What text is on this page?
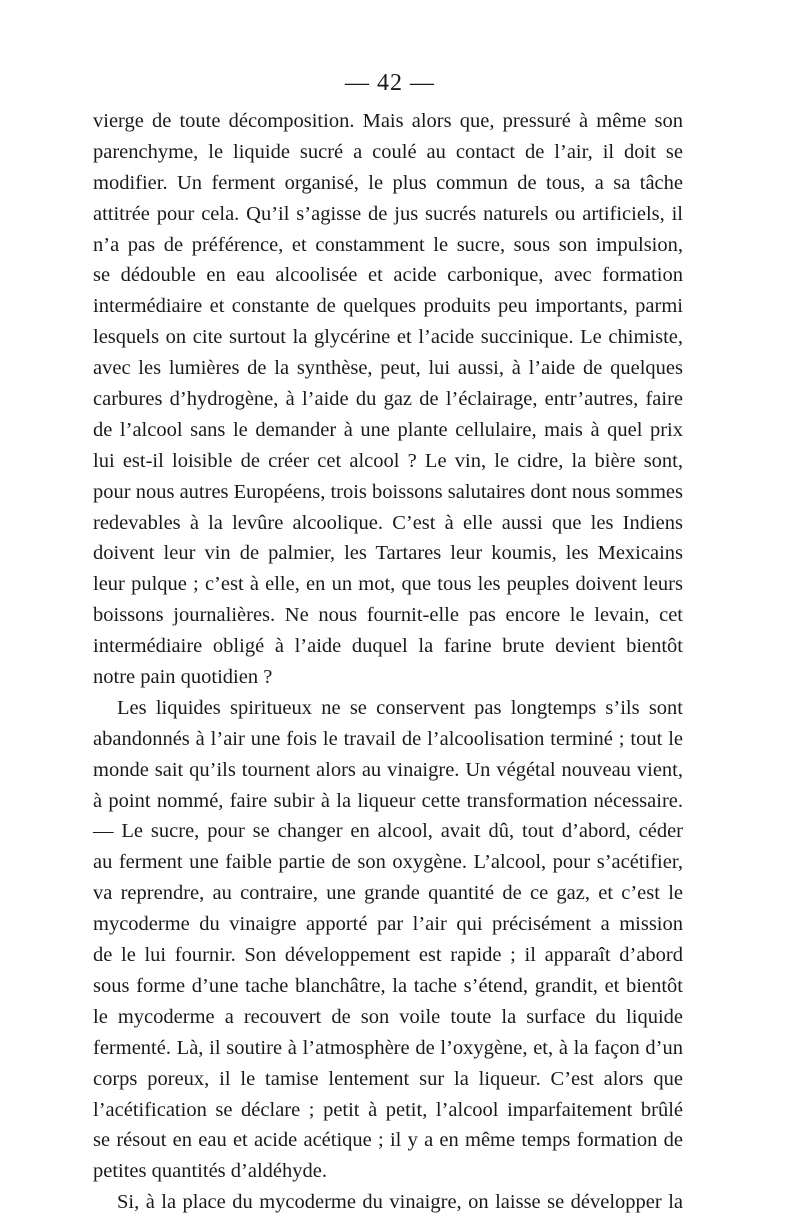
— 42 —
vierge de toute décomposition. Mais alors que, pressuré à même son
parenchyme, le liquide sucré a coulé au contact de l’air, il doit se
modifier. Un ferment organisé, le plus commun de tous, a sa tâche
attitrée pour cela. Qu’il s’agisse de jus sucrés naturels ou artificiels, il
n’a pas de préférence, et constamment le sucre, sous son impulsion,
se dédouble en eau alcoolisée et acide carbonique, avec formation
intermédiaire et constante de quelques produits peu importants, parmi
lesquels on cite surtout la glycérine et l’acide succinique. Le chimiste,
avec les lumières de la synthèse, peut, lui aussi, à l’aide de quelques
carbures d’hydrogène, à l’aide du gaz de l’éclairage, entr’autres, faire
de l’alcool sans le demander à une plante cellulaire, mais à quel prix
lui est-il loisible de créer cet alcool ? Le vin, le cidre, la bière sont,
pour nous autres Européens, trois boissons salutaires dont nous sommes
redevables à la levûre alcoolique. C’est à elle aussi que les Indiens
doivent leur vin de palmier, les Tartares leur koumis, les Mexicains
leur pulque ; c’est à elle, en un mot, que tous les peuples doivent leurs
boissons journalières. Ne nous fournit-elle pas encore le levain, cet
intermédiaire obligé à l’aide duquel la farine brute devient bientôt
notre pain quotidien ?
Les liquides spiritueux ne se conservent pas longtemps s’ils sont
abandonnés à l’air une fois le travail de l’alcoolisation terminé ; tout le
monde sait qu’ils tournent alors au vinaigre. Un végétal nouveau vient,
à point nommé, faire subir à la liqueur cette transformation nécessaire.
— Le sucre, pour se changer en alcool, avait dû, tout d’abord, céder
au ferment une faible partie de son oxygène. L’alcool, pour s’acétifier,
va reprendre, au contraire, une grande quantité de ce gaz, et c’est le
mycoderme du vinaigre apporté par l’air qui précisément a mission
de le lui fournir. Son développement est rapide ; il apparaît d’abord
sous forme d’une tache blanchâtre, la tache s’étend, grandit, et bientôt
le mycoderme a recouvert de son voile toute la surface du liquide
fermenté. Là, il soutire à l’atmosphère de l’oxygène, et, à la façon d’un
corps poreux, il le tamise lentement sur la liqueur. C’est alors que
l’acétification se déclare ; petit à petit, l’alcool imparfaitement brûlé
se résout en eau et acide acétique ; il y a en même temps formation de
petites quantités d’aldéhyde.
Si, à la place du mycoderme du vinaigre, on laisse se développer la
